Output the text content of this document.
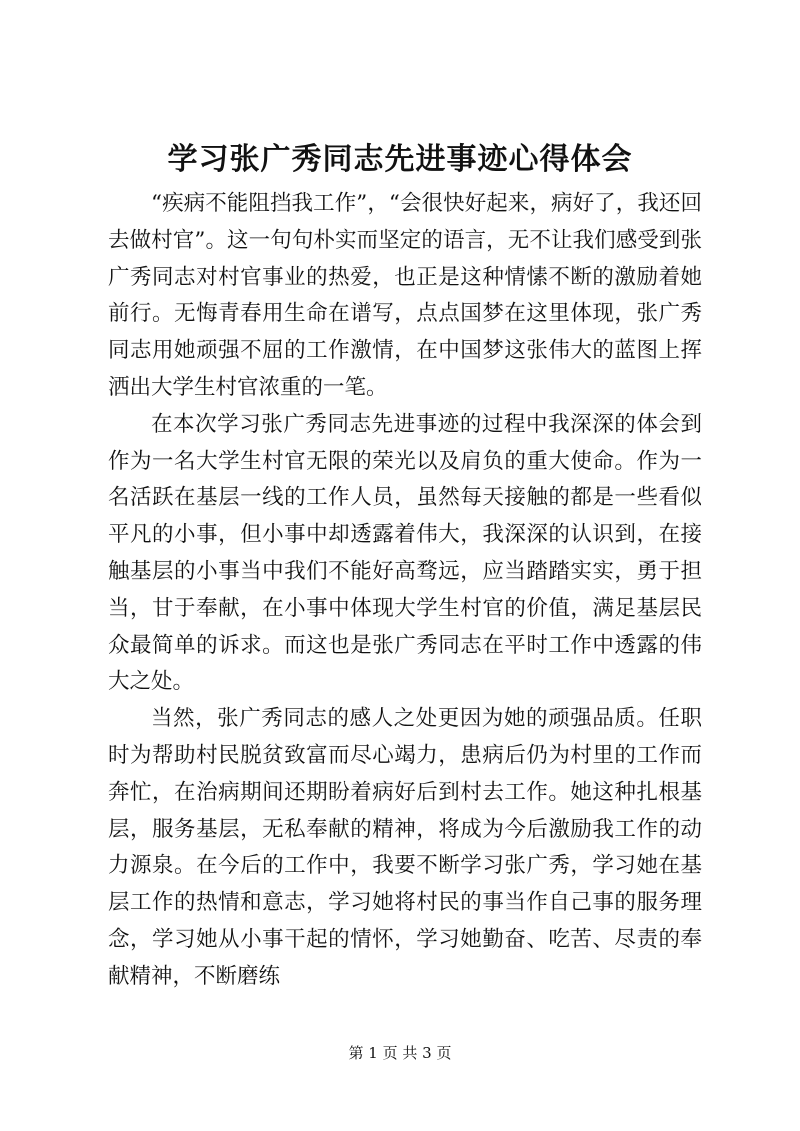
学习张广秀同志先进事迹心得体会

“疾病不能阻挡我工作”，“会很快好起来，病好了，我还回去做村官”。这一句句朴实而坚定的语言，无不让我们感受到张广秀同志对村官事业的热爱，也正是这种情愫不断的激励着她前行。无悔青春用生命在谱写，点点国梦在这里体现，张广秀同志用她顽强不屈的工作激情，在中国梦这张伟大的蓝图上挥洒出大学生村官浓重的一笔。

在本次学习张广秀同志先进事迹的过程中我深深的体会到作为一名大学生村官无限的荣光以及肩负的重大使命。作为一名活跃在基层一线的工作人员，虽然每天接触的都是一些看似平凡的小事，但小事中却透露着伟大，我深深的认识到，在接触基层的小事当中我们不能好高骛远，应当踏踏实实，勇于担当，甘于奉献，在小事中体现大学生村官的价值，满足基层民众最简单的诉求。而这也是张广秀同志在平时工作中透露的伟大之处。

当然，张广秀同志的感人之处更因为她的顽强品质。任职时为帮助村民脱贫致富而尽心竭力，患病后仍为村里的工作而奔忙，在治病期间还期盼着病好后到村去工作。她这种扎根基层，服务基层，无私奉献的精神，将成为今后激励我工作的动力源泉。在今后的工作中，我要不断学习张广秀，学习她在基层工作的热情和意志，学习她将村民的事当作自己事的服务理念，学习她从小事干起的情怀，学习她勤奋、吃苦、尽责的奉献精神，不断磨练

第 1 页 共 3 页
